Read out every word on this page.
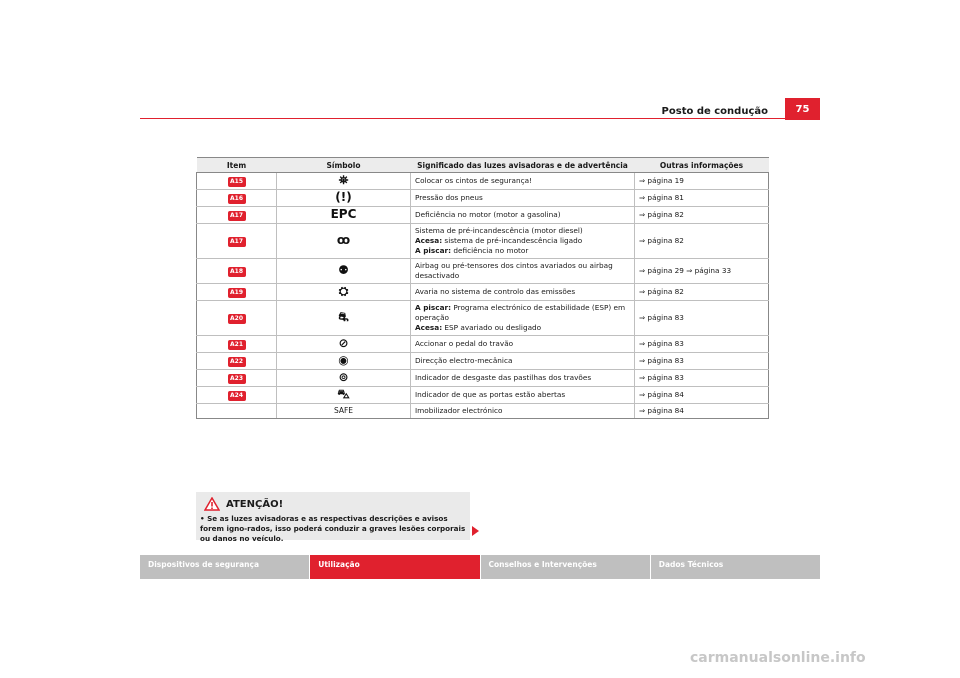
Posto de condução	75
Item	Símbolo	Significado das luzes avisadoras e de advertência	Outras informações
A15	⛯	Colocar os cintos de segurança!	⇒ página 19
A16	(!)	Pressão dos pneus	⇒ página 81
A17	EPC	Deficiência no motor (motor a gasolina)	⇒ página 82
A17	ꝏ	Sistema de pré-incandescência (motor diesel)
Acesa: sistema de pré-incandescência ligado
A piscar: deficiência no motor	⇒ página 82
A18	⚉	Airbag ou pré-tensores dos cintos avariados ou airbag desactivado	⇒ página 29 ⇒ página 33
A19	⛭	Avaria no sistema de controlo das emissões	⇒ página 82
A20	⛐	A piscar: Programa electrónico de estabilidade (ESP) em operação
Acesa: ESP avariado ou desligado	⇒ página 83
A21	⊘	Accionar o pedal do travão	⇒ página 83
A22	◉	Direcção electro-mecânica	⇒ página 83
A23	⊚	Indicador de desgaste das pastilhas dos travões	⇒ página 83
A24	⛍	Indicador de que as portas estão abertas	⇒ página 84
	SAFE	Imobilizador electrónico	⇒ página 84
ATENÇÃO!
• Se as luzes avisadoras e as respectivas descrições e avisos forem igno-rados, isso poderá conduzir a graves lesões corporais ou danos no veículo.
Dispositivos de segurança	Utilização	Conselhos e Intervenções	Dados Técnicos
carmanualsonline.info
